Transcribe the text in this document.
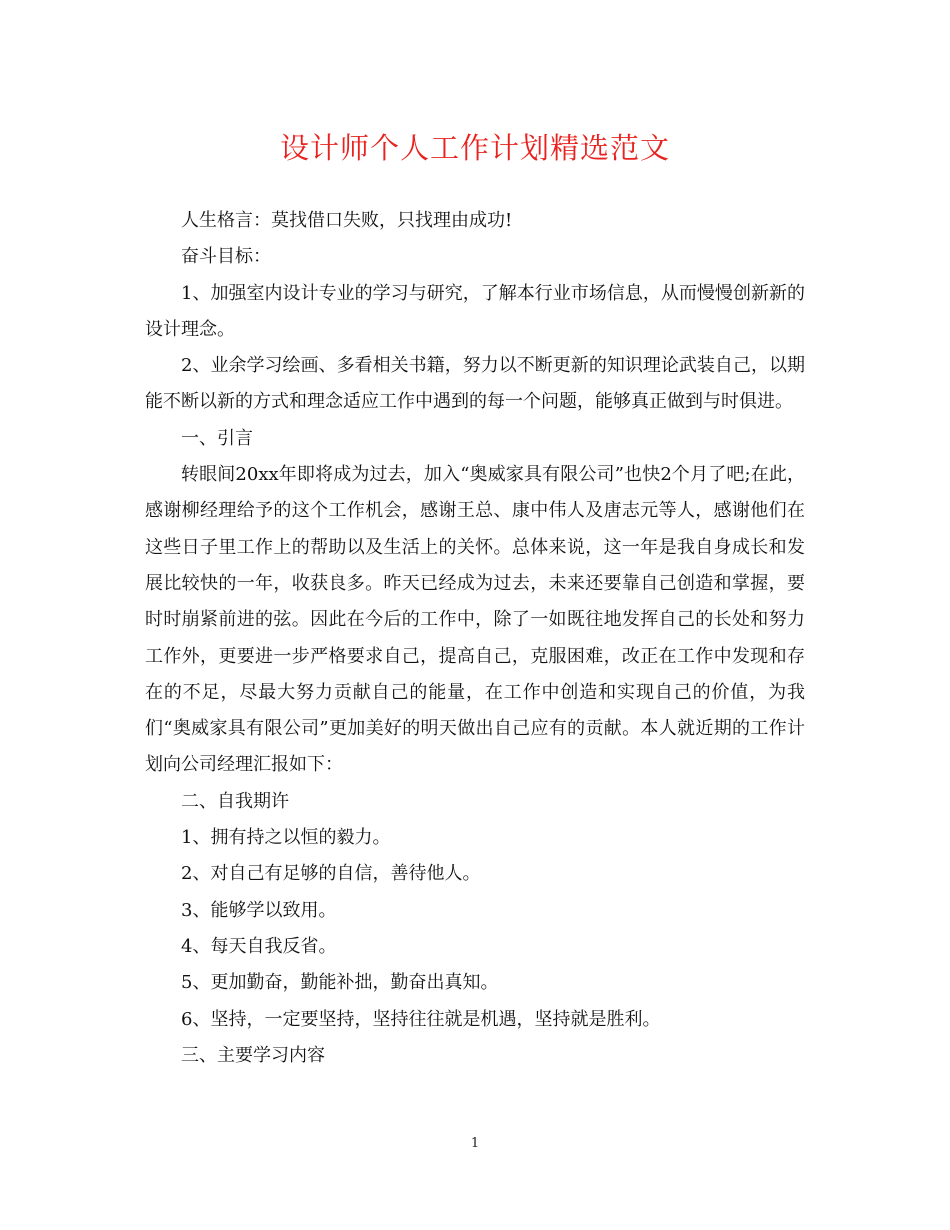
设计师个人工作计划精选范文

人生格言：莫找借口失败，只找理由成功!

奋斗目标：

1、加强室内设计专业的学习与研究，了解本行业市场信息，从而慢慢创新新的设计理念。

2、业余学习绘画、多看相关书籍，努力以不断更新的知识理论武装自己，以期能不断以新的方式和理念适应工作中遇到的每一个问题，能够真正做到与时俱进。

一、引言

转眼间20xx年即将成为过去，加入“奥威家具有限公司”也快2个月了吧;在此，感谢柳经理给予的这个工作机会，感谢王总、康中伟人及唐志元等人，感谢他们在这些日子里工作上的帮助以及生活上的关怀。总体来说，这一年是我自身成长和发展比较快的一年，收获良多。昨天已经成为过去，未来还要靠自己创造和掌握，要时时崩紧前进的弦。因此在今后的工作中，除了一如既往地发挥自己的长处和努力工作外，更要进一步严格要求自己，提高自己，克服困难，改正在工作中发现和存在的不足，尽最大努力贡献自己的能量，在工作中创造和实现自己的价值，为我们“奥威家具有限公司”更加美好的明天做出自己应有的贡献。本人就近期的工作计划向公司经理汇报如下：

二、自我期许

1、拥有持之以恒的毅力。

2、对自己有足够的自信，善待他人。

3、能够学以致用。

4、每天自我反省。

5、更加勤奋，勤能补拙，勤奋出真知。

6、坚持，一定要坚持，坚持往往就是机遇，坚持就是胜利。

三、主要学习内容

1
